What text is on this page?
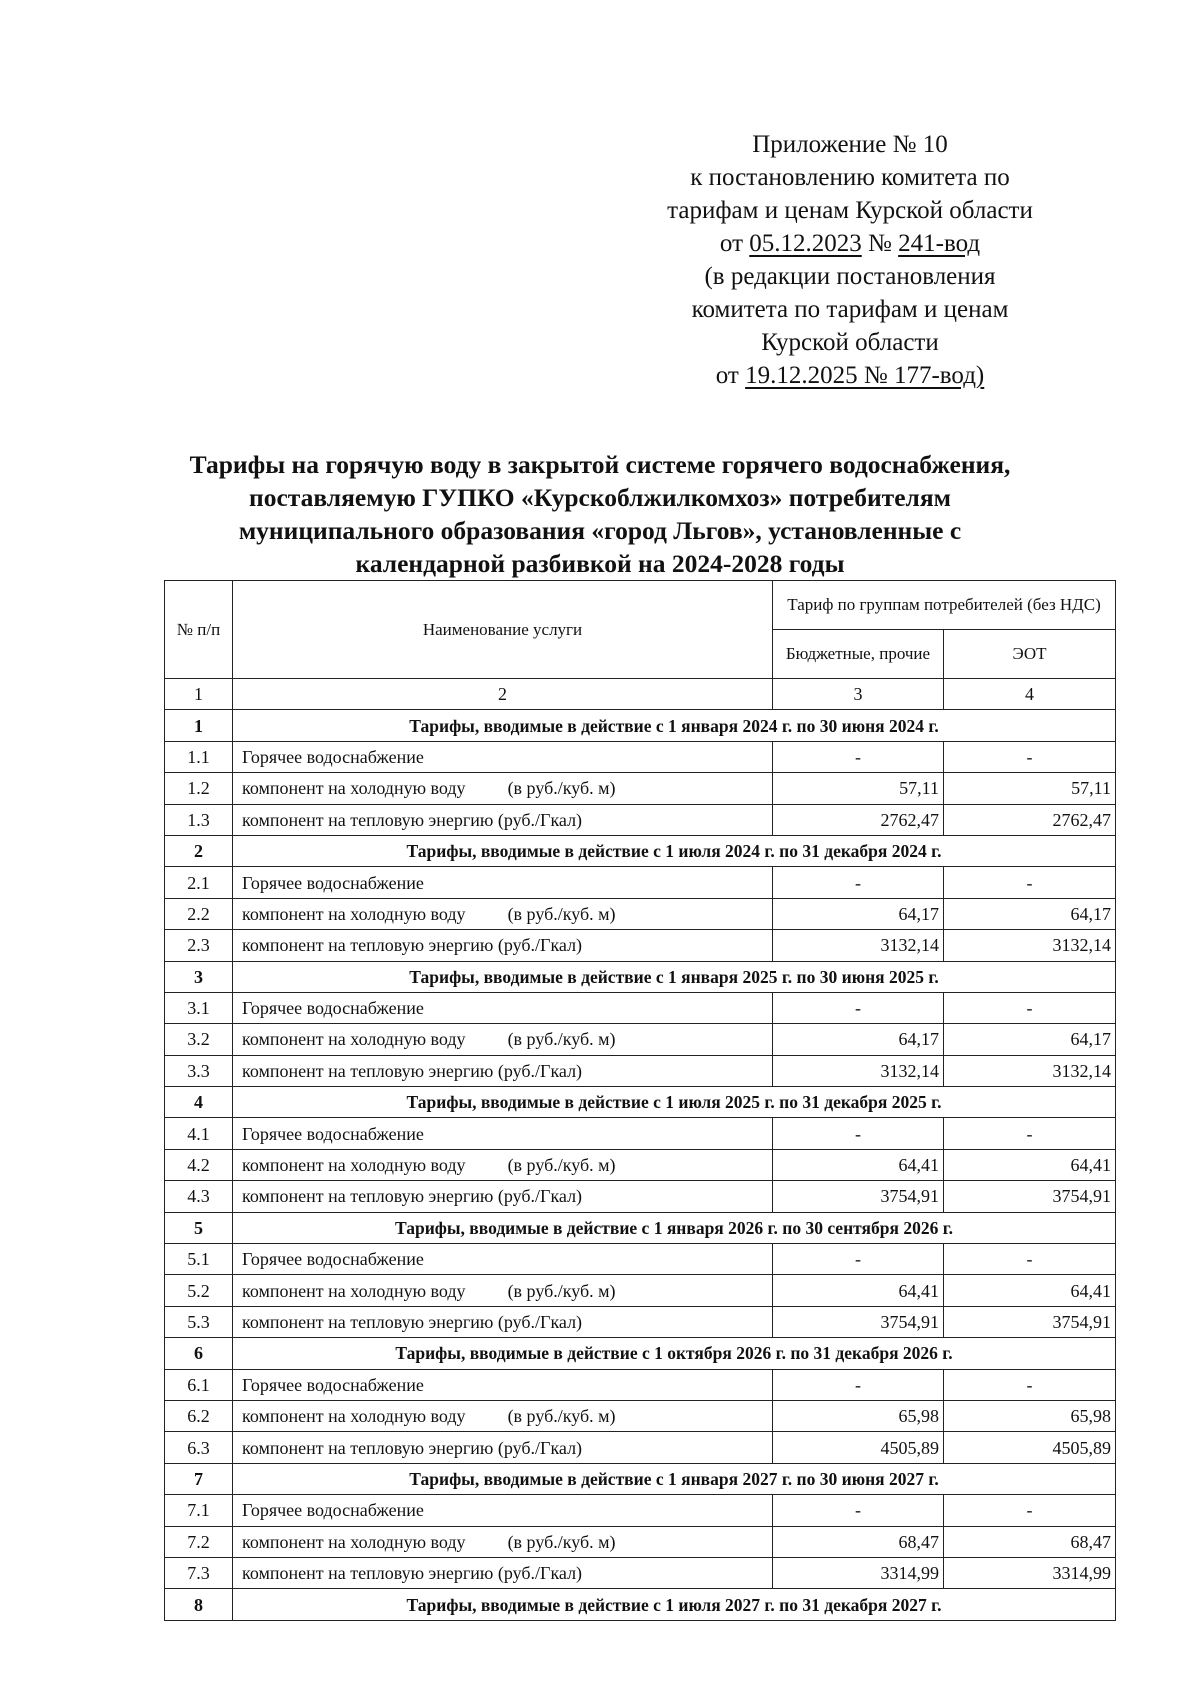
Приложение № 10
к постановлению комитета по
тарифам и ценам Курской области
от 05.12.2023 № 241-вод
(в редакции постановления
комитета по тарифам и ценам
Курской области
от 19.12.2025 № 177-вод)
Тарифы на горячую воду в закрытой системе горячего водоснабжения,
поставляемую ГУПКО «Курскоблжилкомхоз» потребителям
муниципального образования «город Льгов», установленные с
календарной разбивкой на 2024-2028 годы
№ п/п	Наименование услуги	Тариф по группам потребителей (без НДС)	
		Бюджетные, прочие	ЭОТ
1	2	3	4
1	Тарифы, вводимые в действие с 1 января 2024 г. по 30 июня 2024 г.		
1.1	Горячее водоснабжение	-	-
1.2	компонент на холодную воду (в руб./куб. м)	57,11	57,11
1.3	компонент на тепловую энергию (руб./Гкал)	2762,47	2762,47
2	Тарифы, вводимые в действие с 1 июля 2024 г. по 31 декабря 2024 г.		
2.1	Горячее водоснабжение	-	-
2.2	компонент на холодную воду (в руб./куб. м)	64,17	64,17
2.3	компонент на тепловую энергию (руб./Гкал)	3132,14	3132,14
3	Тарифы, вводимые в действие с 1 января 2025 г. по 30 июня 2025 г.		
3.1	Горячее водоснабжение	-	-
3.2	компонент на холодную воду (в руб./куб. м)	64,17	64,17
3.3	компонент на тепловую энергию (руб./Гкал)	3132,14	3132,14
4	Тарифы, вводимые в действие с 1 июля 2025 г. по 31 декабря 2025 г.		
4.1	Горячее водоснабжение	-	-
4.2	компонент на холодную воду (в руб./куб. м)	64,41	64,41
4.3	компонент на тепловую энергию (руб./Гкал)	3754,91	3754,91
5	Тарифы, вводимые в действие с 1 января 2026 г. по 30 сентября 2026 г.		
5.1	Горячее водоснабжение	-	-
5.2	компонент на холодную воду (в руб./куб. м)	64,41	64,41
5.3	компонент на тепловую энергию (руб./Гкал)	3754,91	3754,91
6	Тарифы, вводимые в действие с 1 октября 2026 г. по 31 декабря 2026 г.		
6.1	Горячее водоснабжение	-	-
6.2	компонент на холодную воду (в руб./куб. м)	65,98	65,98
6.3	компонент на тепловую энергию (руб./Гкал)	4505,89	4505,89
7	Тарифы, вводимые в действие с 1 января 2027 г. по 30 июня 2027 г.		
7.1	Горячее водоснабжение	-	-
7.2	компонент на холодную воду (в руб./куб. м)	68,47	68,47
7.3	компонент на тепловую энергию (руб./Гкал)	3314,99	3314,99
8	Тарифы, вводимые в действие с 1 июля 2027 г. по 31 декабря 2027 г.		
